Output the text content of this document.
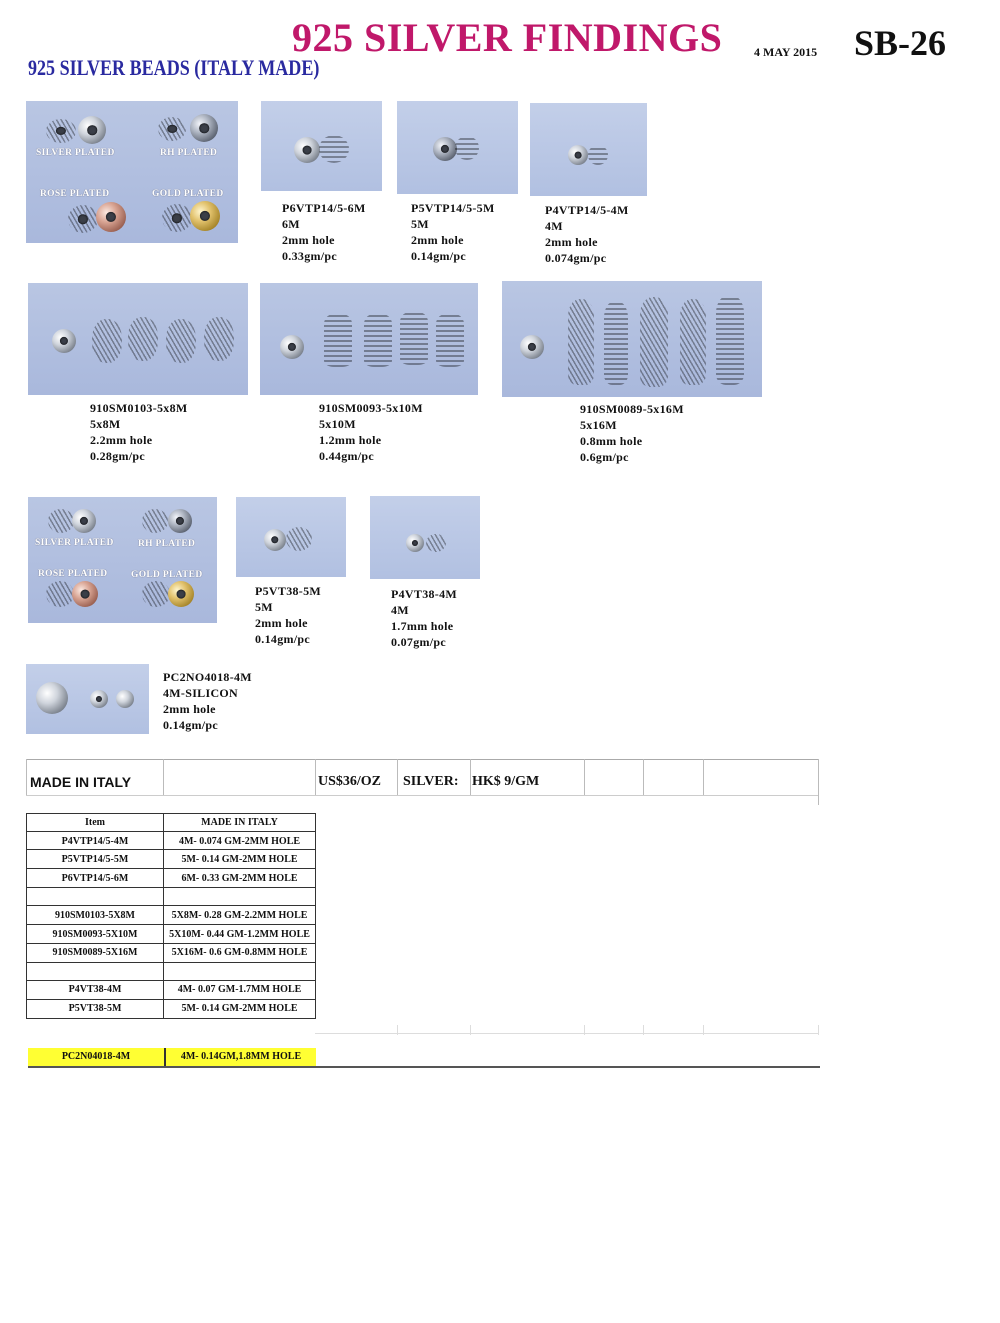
925 SILVER FINDINGS	4 MAY 2015 SB-26
925 SILVER BEADS (ITALY MADE)
SILVER PLATED	RH PLATED
ROSE PLATED	GOLD PLATED
P6VTP14/5-6M
6M
2mm hole
0.33gm/pc
P5VTP14/5-5M
5M
2mm hole
0.14gm/pc
P4VTP14/5-4M
4M
2mm hole
0.074gm/pc
910SM0103-5x8M
5x8M
2.2mm hole
0.28gm/pc
910SM0093-5x10M
5x10M
1.2mm hole
0.44gm/pc
910SM0089-5x16M
5x16M
0.8mm hole
0.6gm/pc
SILVER PLATED	RH PLATED
ROSE PLATED GOLD PLATED
P5VT38-5M
5M
2mm hole
0.14gm/pc
P4VT38-4M
4M
1.7mm hole
0.07gm/pc
PC2NO4018-4M
4M-SILICON
2mm hole
0.14gm/pc
MADE IN ITALY	US$36/OZ SILVER: HK$ 9/GM
Item	MADE IN ITALY
P4VTP14/5-4M	4M- 0.074 GM-2MM HOLE
P5VTP14/5-5M	5M- 0.14 GM-2MM HOLE
P6VTP14/5-6M	6M- 0.33 GM-2MM HOLE
910SM0103-5X8M	5X8M- 0.28 GM-2.2MM HOLE
910SM0093-5X10M	5X10M- 0.44 GM-1.2MM HOLE
910SM0089-5X16M	5X16M- 0.6 GM-0.8MM HOLE
P4VT38-4M	4M- 0.07 GM-1.7MM HOLE
P5VT38-5M	5M- 0.14 GM-2MM HOLE
PC2N04018-4M	4M- 0.14GM,1.8MM HOLE
